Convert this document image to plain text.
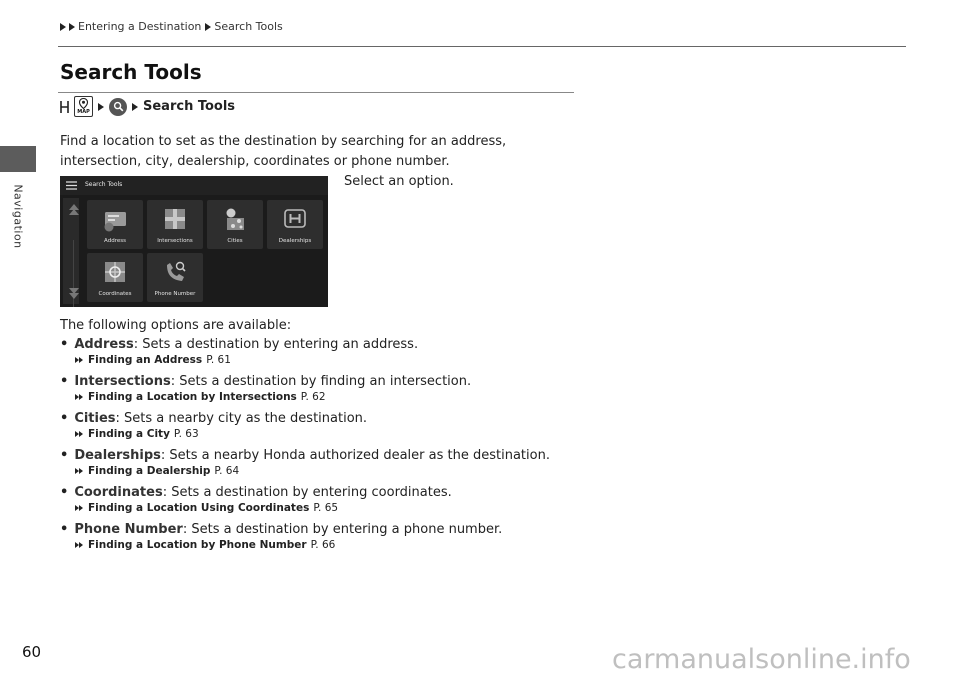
Navigation
Entering a Destination Search Tools
Search Tools
MAP	Search Tools

Find a location to set as the destination by searching for an address, intersection, city, dealership, coordinates or phone number.

Search Tools
Address	Intersections	Cities	Dealerships
Coordinates	Phone Number

Select an option.

The following options are available:

• Address : Sets a destination by entering an address.
Finding an Address P. 61
• Intersections : Sets a destination by finding an intersection.
Finding a Location by Intersections P. 62
• Cities : Sets a nearby city as the destination.
Finding a City P. 63
• Dealerships : Sets a nearby Honda authorized dealer as the destination.
Finding a Dealership P. 64
• Coordinates : Sets a destination by entering coordinates.
Finding a Location Using Coordinates P. 65
• Phone Number : Sets a destination by entering a phone number.
Finding a Location by Phone Number P. 66
60	carmanualsonline.info
